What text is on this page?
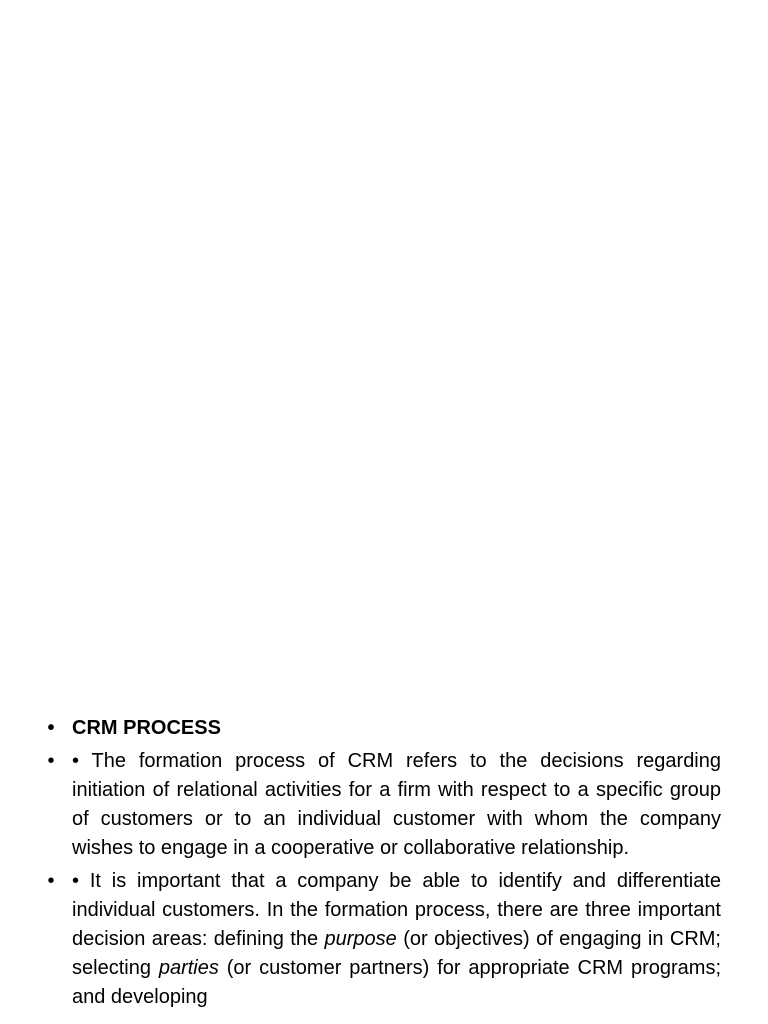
• CRM PROCESS
• • The formation process of CRM refers to the decisions regarding initiation of relational activities for a firm with respect to a specific group of customers or to an individual customer with whom the company wishes to engage in a cooperative or collaborative relationship.
• • It is important that a company be able to identify and differentiate individual customers. In the formation process, there are three important decision areas: defining the purpose (or objectives) of engaging in CRM; selecting parties (or customer partners) for appropriate CRM programs; and developing
